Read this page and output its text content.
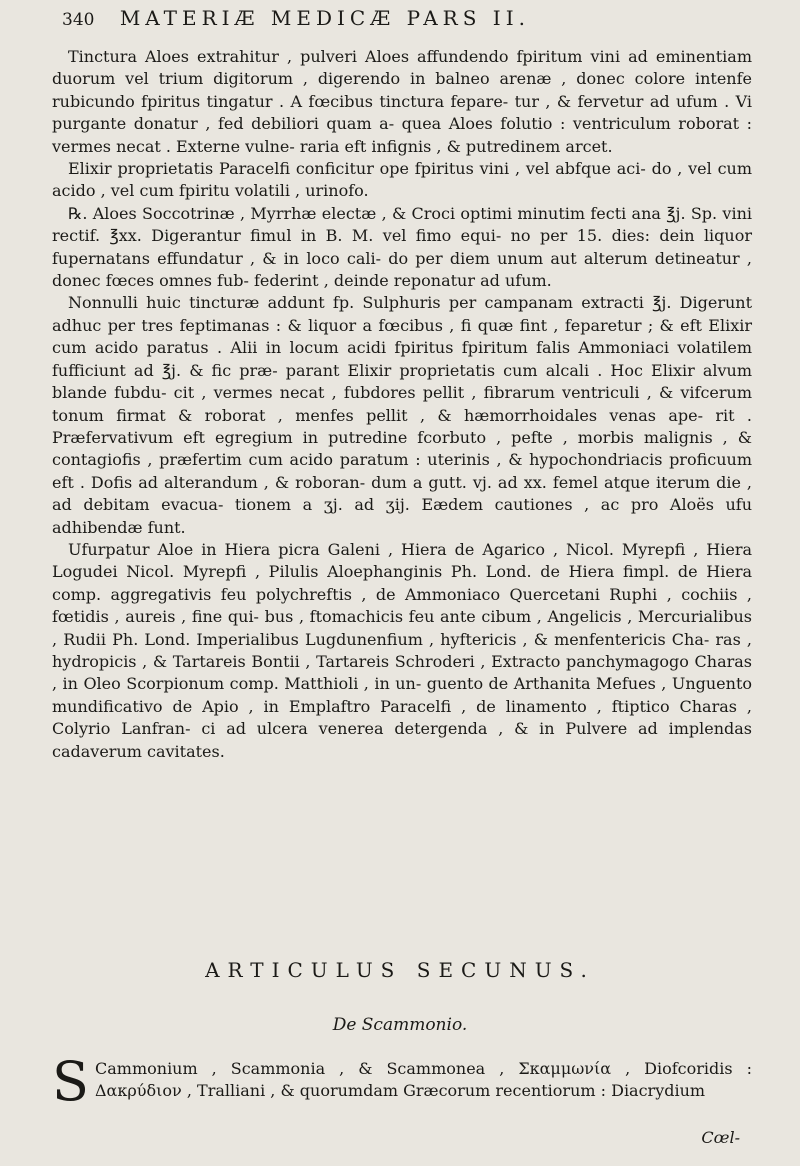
340 MATERIÆ MEDICÆ PARS II.

Tinctura Aloes extrahitur , pulveri Aloes affundendo fpiritum vini ad eminentiam duorum vel trium digitorum , digerendo in balneo arenæ , donec colore intenfe rubicundo fpiritus tingatur . A fœcibus tinctura fepare- tur , & fervetur ad ufum . Vi purgante donatur , fed debiliori quam a- quea Aloes folutio : ventriculum roborat : vermes necat . Externe vulne- raria eft infignis , & putredinem arcet.

Elixir proprietatis Paracelfi conficitur ope fpiritus vini , vel abfque aci- do , vel cum acido , vel cum fpiritu volatili , urinofo.

℞. Aloes Soccotrinæ , Myrrhæ electæ , & Croci optimi minutim fecti ana ℥j. Sp. vini rectif. ℥xx. Digerantur fimul in B. M. vel fimo equi- no per 15. dies: dein liquor fupernatans effundatur , & in loco cali- do per diem unum aut alterum detineatur , donec fœces omnes fub- federint , deinde reponatur ad ufum.

Nonnulli huic tincturæ addunt fp. Sulphuris per campanam extracti ℥j. Digerunt adhuc per tres feptimanas : & liquor a fœcibus , fi quæ fint , feparetur ; & eft Elixir cum acido paratus . Alii in locum acidi fpiritus fpiritum falis Ammoniaci volatilem fufficiunt ad ℥j. & fic præ- parant Elixir proprietatis cum alcali . Hoc Elixir alvum blande fubdu- cit , vermes necat , fubdores pellit , fibrarum ventriculi , & vifcerum tonum firmat & roborat , menfes pellit , & hæmorrhoidales venas ape- rit . Præfervativum eft egregium in putredine fcorbuto , pefte , morbis malignis , & contagiofis , præfertim cum acido paratum : uterinis , & hypochondriacis proficuum eft . Dofis ad alterandum , & roboran- dum a gutt. vj. ad xx. femel atque iterum die , ad debitam evacua- tionem a ʒj. ad ʒij. Eædem cautiones , ac pro Aloës ufu adhibendæ funt.

Ufurpatur Aloe in Hiera picra Galeni , Hiera de Agarico , Nicol. Myrepfi , Hiera Logudei Nicol. Myrepfi , Pilulis Aloephanginis Ph. Lond. de Hiera fimpl. de Hiera comp. aggregativis feu polychreftis , de Ammoniaco Quercetani Ruphi , cochiis , fœtidis , aureis , fine qui- bus , ftomachicis feu ante cibum , Angelicis , Mercurialibus , Rudii Ph. Lond. Imperialibus Lugdunenfium , hyftericis , & menfentericis Cha- ras , hydropicis , & Tartareis Bontii , Tartareis Schroderi , Extracto panchymagogo Charas , in Oleo Scorpionum comp. Matthioli , in un- guento de Arthanita Mefues , Unguento mundificativo de Apio , in Emplaftro Paracelfi , de linamento , ftiptico Charas , Colyrio Lanfran- ci ad ulcera venerea detergenda , & in Pulvere ad implendas cadaverum cavitates.

ARTICULUS SECUNUS.
De Scammonio.
S Cammonium , Scammonia , & Scammonea , Σκαμμωνία , Diofcoridis : Δακρύδιον , Tralliani , & quorumdam Græcorum recentiorum : Diacrydium
Cœl-
